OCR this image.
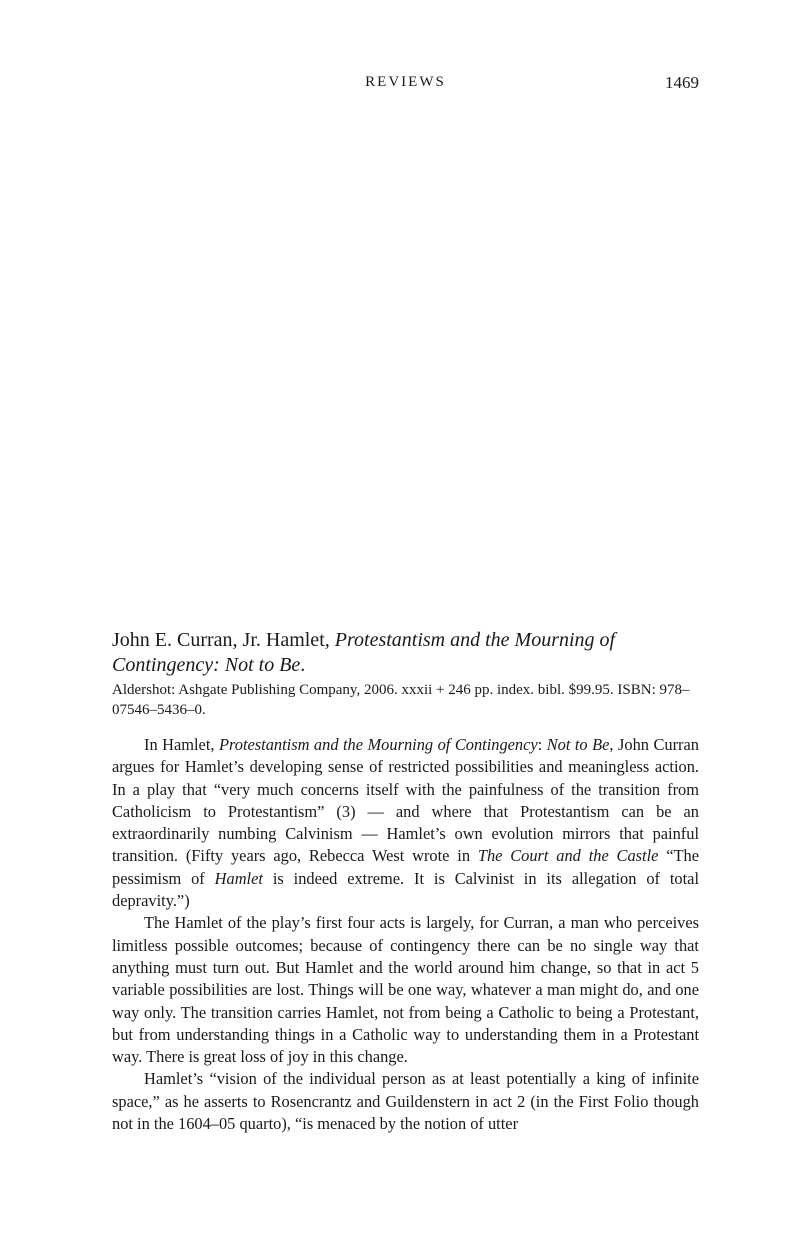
REVIEWS	1469
John E. Curran, Jr. Hamlet, Protestantism and the Mourning of Contingency: Not to Be.

Aldershot: Ashgate Publishing Company, 2006. xxxii + 246 pp. index. bibl. $99.95. ISBN: 978–07546–5436–0.

In Hamlet, Protestantism and the Mourning of Contingency: Not to Be, John Curran argues for Hamlet’s developing sense of restricted possibilities and meaningless action. In a play that “very much concerns itself with the painfulness of the transition from Catholicism to Protestantism” (3) — and where that Protestantism can be an extraordinarily numbing Calvinism — Hamlet’s own evolution mirrors that painful transition. (Fifty years ago, Rebecca West wrote in The Court and the Castle “The pessimism of Hamlet is indeed extreme. It is Calvinist in its allegation of total depravity.”)

The Hamlet of the play’s first four acts is largely, for Curran, a man who perceives limitless possible outcomes; because of contingency there can be no single way that anything must turn out. But Hamlet and the world around him change, so that in act 5 variable possibilities are lost. Things will be one way, whatever a man might do, and one way only. The transition carries Hamlet, not from being a Catholic to being a Protestant, but from understanding things in a Catholic way to understanding them in a Protestant way. There is great loss of joy in this change.

Hamlet’s “vision of the individual person as at least potentially a king of infinite space,” as he asserts to Rosencrantz and Guildenstern in act 2 (in the First Folio though not in the 1604–05 quarto), “is menaced by the notion of utter
